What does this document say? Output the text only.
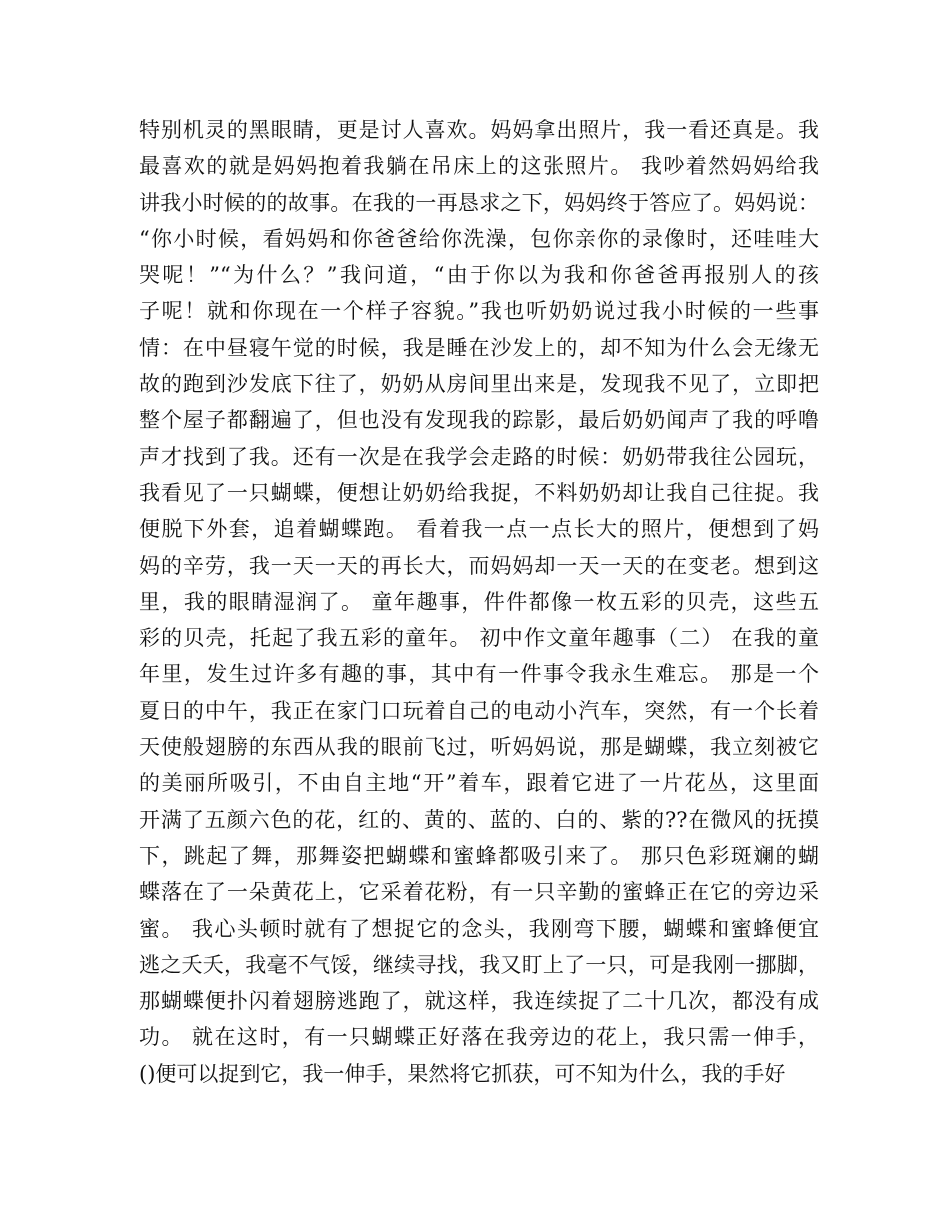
特别机灵的黑眼睛，更是讨人喜欢。妈妈拿出照片，我一看还真是。我
最喜欢的就是妈妈抱着我躺在吊床上的这张照片。 我吵着然妈妈给我
讲我小时候的的故事。在我的一再恳求之下，妈妈终于答应了。妈妈说：
“你小时候，看妈妈和你爸爸给你洗澡，包你亲你的录像时，还哇哇大
哭呢！”“为什么？”我问道，“由于你以为我和你爸爸再报别人的孩
子呢！就和你现在一个样子容貌。”我也听奶奶说过我小时候的一些事
情：在中昼寝午觉的时候，我是睡在沙发上的，却不知为什么会无缘无
故的跑到沙发底下往了，奶奶从房间里出来是，发现我不见了，立即把
整个屋子都翻遍了，但也没有发现我的踪影，最后奶奶闻声了我的呼噜
声才找到了我。还有一次是在我学会走路的时候：奶奶带我往公园玩，
我看见了一只蝴蝶，便想让奶奶给我捉，不料奶奶却让我自己往捉。我
便脱下外套，追着蝴蝶跑。 看着我一点一点长大的照片，便想到了妈
妈的辛劳，我一天一天的再长大，而妈妈却一天一天的在变老。想到这
里，我的眼睛湿润了。 童年趣事，件件都像一枚五彩的贝壳，这些五
彩的贝壳，托起了我五彩的童年。 初中作文童年趣事（二） 在我的童
年里，发生过许多有趣的事，其中有一件事令我永生难忘。 那是一个
夏日的中午，我正在家门口玩着自己的电动小汽车，突然，有一个长着
天使般翅膀的东西从我的眼前飞过，听妈妈说，那是蝴蝶，我立刻被它
的美丽所吸引，不由自主地“开”着车，跟着它进了一片花丛，这里面
开满了五颜六色的花，红的、黄的、蓝的、白的、紫的??在微风的抚摸
下，跳起了舞，那舞姿把蝴蝶和蜜蜂都吸引来了。 那只色彩斑斓的蝴
蝶落在了一朵黄花上，它采着花粉，有一只辛勤的蜜蜂正在它的旁边采
蜜。 我心头顿时就有了想捉它的念头，我刚弯下腰，蝴蝶和蜜蜂便宜
逃之夭夭，我毫不气馁，继续寻找，我又盯上了一只，可是我刚一挪脚，
那蝴蝶便扑闪着翅膀逃跑了，就这样，我连续捉了二十几次，都没有成
功。 就在这时，有一只蝴蝶正好落在我旁边的花上，我只需一伸手，
()便可以捉到它，我一伸手，果然将它抓获，可不知为什么，我的手好
